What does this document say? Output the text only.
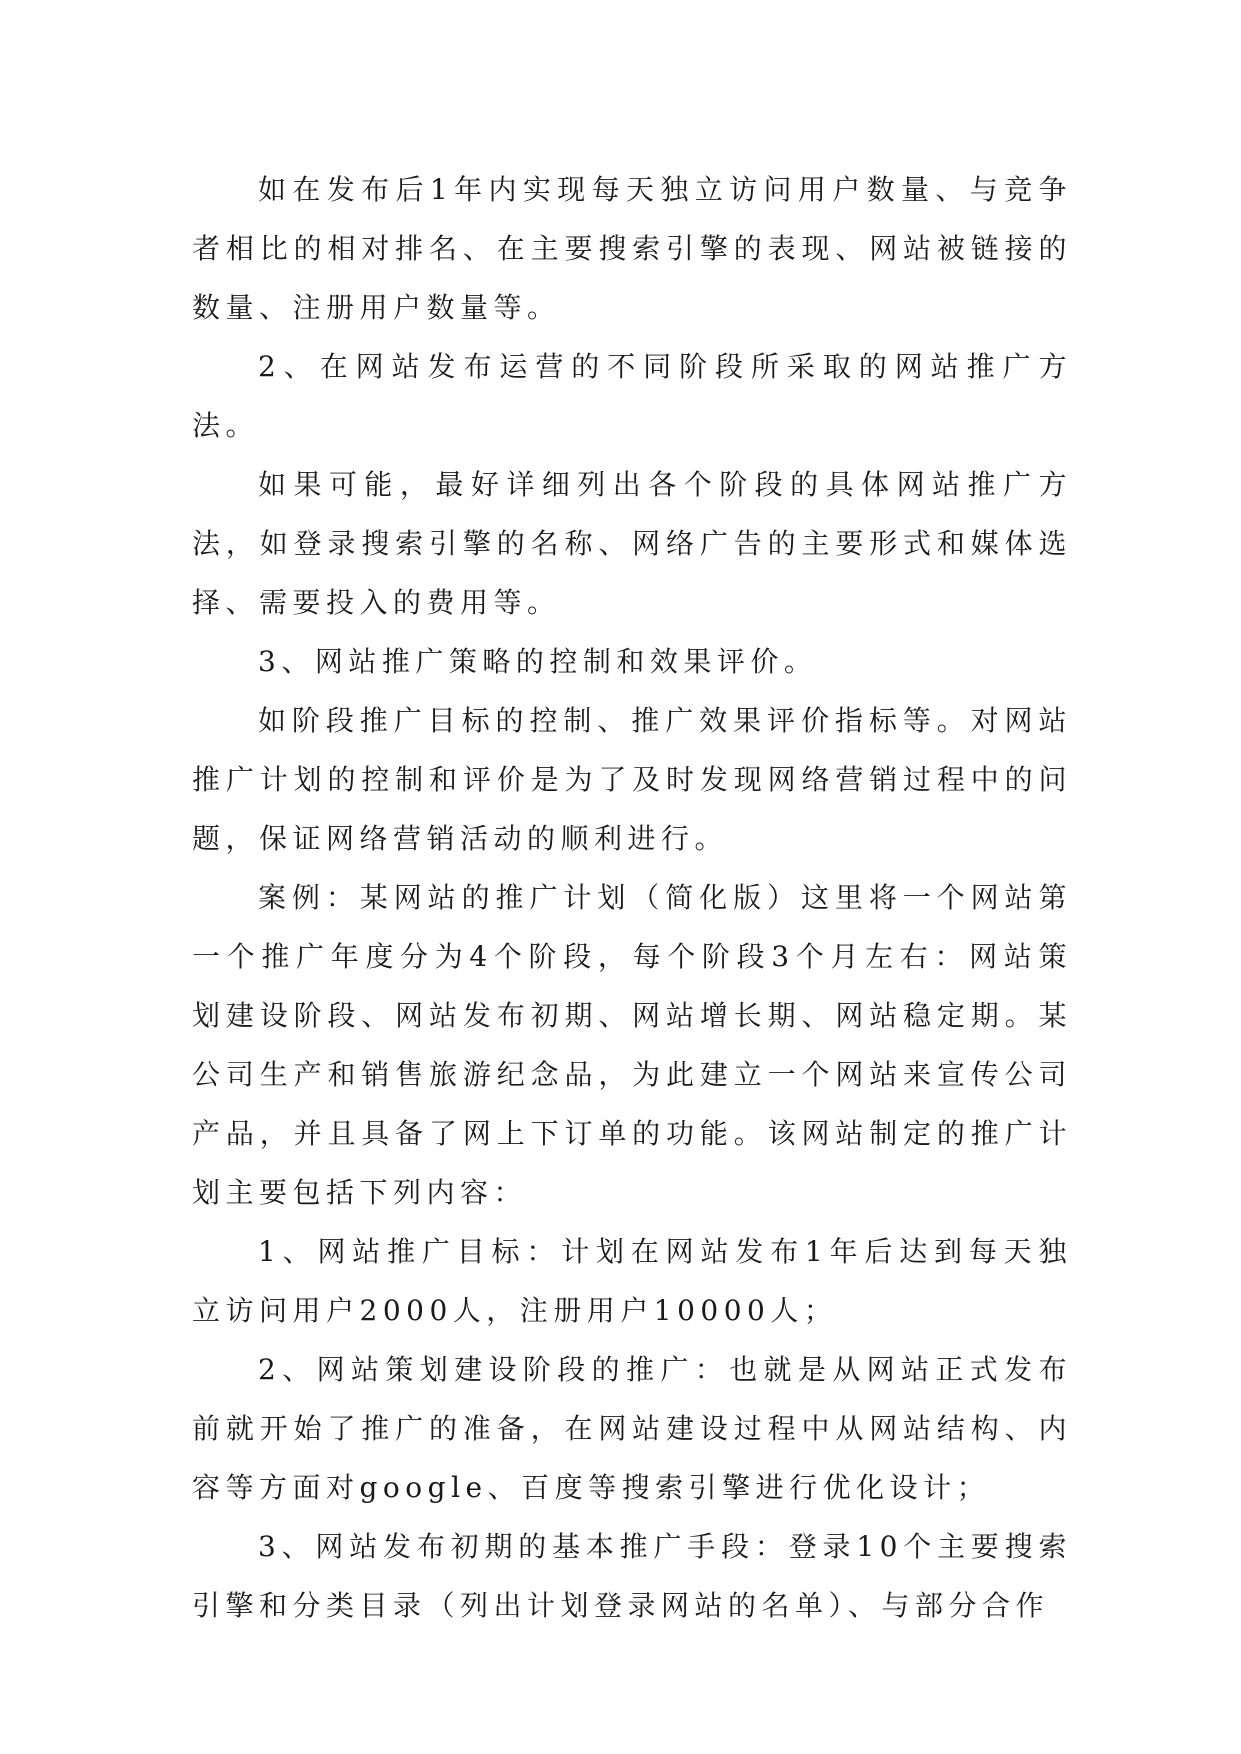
如在发布后1年内实现每天独立访问用户数量、与竞争者相比的相对排名、在主要搜索引擎的表现、网站被链接的数量、注册用户数量等。

2、在网站发布运营的不同阶段所采取的网站推广方法。

如果可能，最好详细列出各个阶段的具体网站推广方法，如登录搜索引擎的名称、网络广告的主要形式和媒体选择、需要投入的费用等。

3、网站推广策略的控制和效果评价。

如阶段推广目标的控制、推广效果评价指标等。对网站推广计划的控制和评价是为了及时发现网络营销过程中的问题，保证网络营销活动的顺利进行。

案例：某网站的推广计划（简化版）这里将一个网站第一个推广年度分为4个阶段，每个阶段3个月左右：网站策划建设阶段、网站发布初期、网站增长期、网站稳定期。某公司生产和销售旅游纪念品，为此建立一个网站来宣传公司产品，并且具备了网上下订单的功能。该网站制定的推广计划主要包括下列内容：

1、网站推广目标：计划在网站发布1年后达到每天独立访问用户2000人，注册用户10000人；

2、网站策划建设阶段的推广：也就是从网站正式发布前就开始了推广的准备，在网站建设过程中从网站结构、内容等方面对google、百度等搜索引擎进行优化设计；

3、网站发布初期的基本推广手段：登录10个主要搜索引擎和分类目录（列出计划登录网站的名单）、与部分合作
